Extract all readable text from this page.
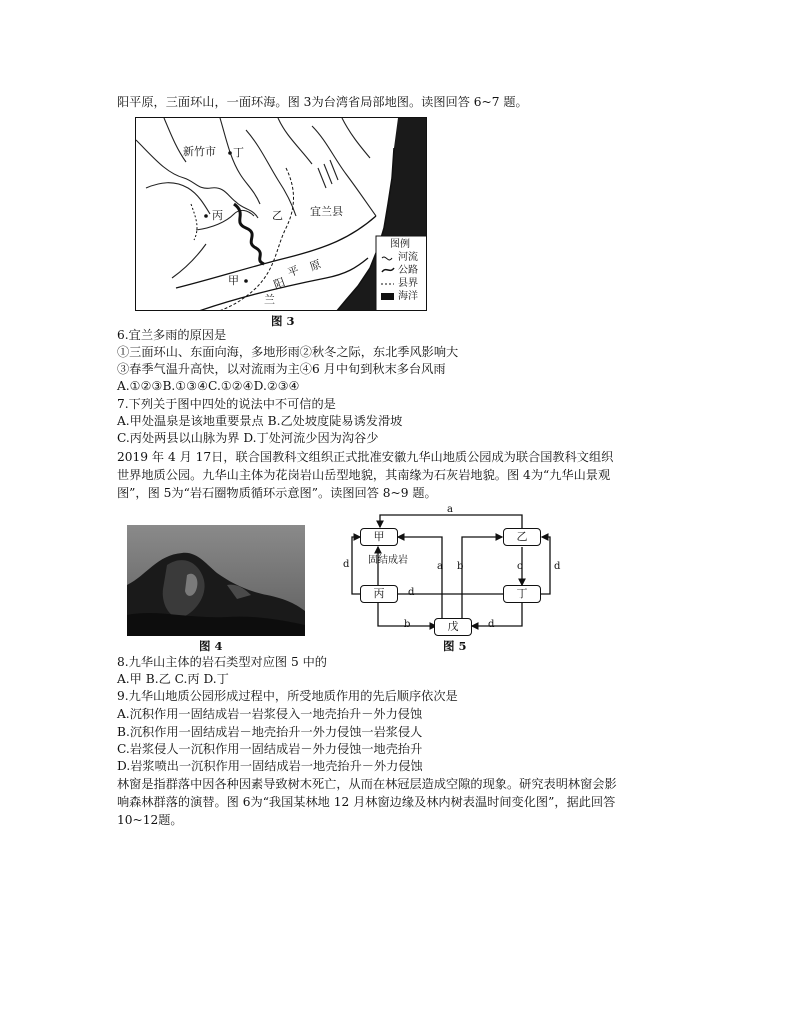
阳平原，三面环山，一面环海。图 3为台湾省局部地图。读图回答 6~7 题。
新竹市 丁
丙	乙 宜兰县
甲
兰
阳
平 原
图例
河流
公路
县界
海洋
图 3
6.宜兰多雨的原因是
①三面环山、东面向海，多地形雨②秋冬之际，东北季风影响大
③春季气温升高快，以对流雨为主④6 月中旬到秋末多台风雨
A.①②③B.①③④C.①②④D.②③④
7.下列关于图中四处的说法中不可信的是
A.甲处温泉是该地重要景点 B.乙处坡度陡易诱发滑坡
C.丙处两县以山脉为界 D.丁处河流少因为沟谷少
2019 年 4 月 17日，联合国教科文组织正式批准安徽九华山地质公园成为联合国教科文组织
世界地质公园。九华山主体为花岗岩山岳型地貌，其南缘为石灰岩地貌。图 4为“九华山景观
图”，图 5为“岩石圈物质循环示意图”。读图回答 8~9 题。
图 4
甲	乙
丙	丁
戊
固结成岩
a
d	a b	c	d
d
b	d
图 5
8.九华山主体的岩石类型对应图 5 中的
A.甲 B.乙 C.丙 D.丁
9.九华山地质公园形成过程中，所受地质作用的先后顺序依次是
A.沉积作用一固结成岩一岩浆侵入一地壳抬升－外力侵蚀
B.沉积作用一固结成岩－地壳抬升一外力侵蚀一岩浆侵人
C.岩浆侵人一沉积作用一固结成岩－外力侵蚀一地壳抬升
D.岩浆喷出一沉积作用一固结成岩一地壳抬升－外力侵蚀
林窗是指群落中因各种因素导致树木死亡，从而在林冠层造成空隙的现象。研究表明林窗会影
响森林群落的演替。图 6为“我国某林地 12 月林窗边缘及林内树表温时间变化图”，据此回答
10~12题。
